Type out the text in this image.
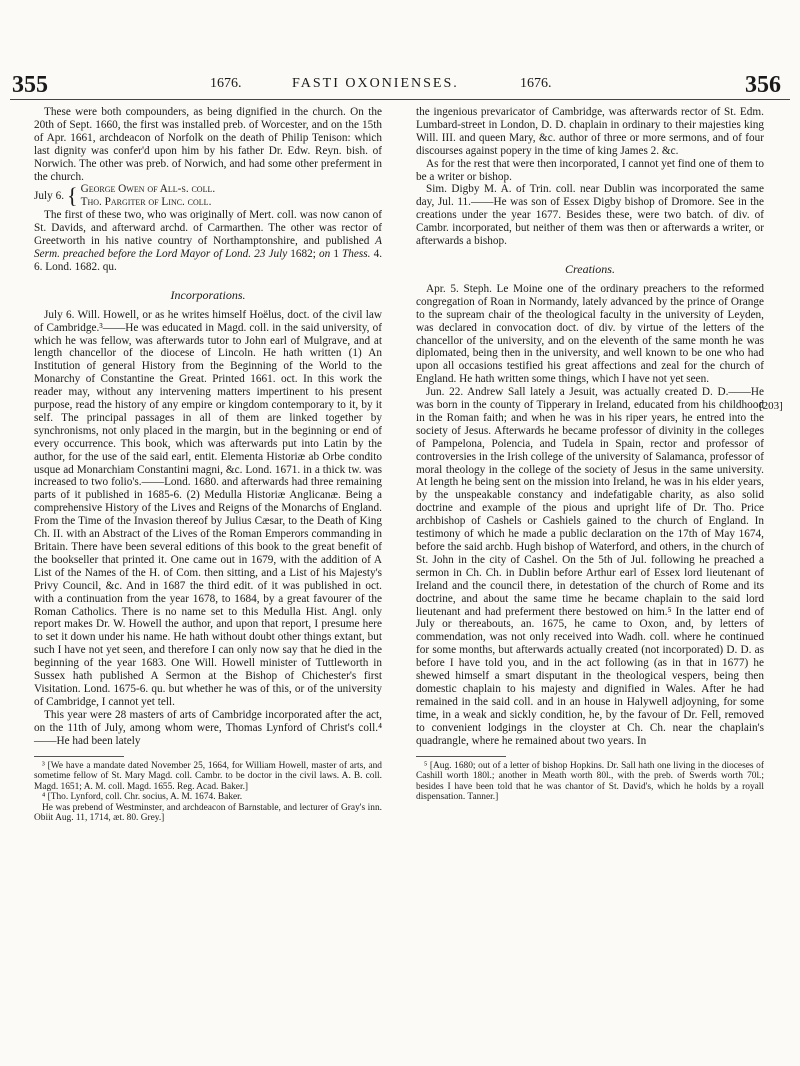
355	1676.	FASTI OXONIENSES.	1676.	356

These were both compounders, as being dignified in the church. On the 20th of Sept. 1660, the first was installed preb. of Worcester, and on the 15th of Apr. 1661, archdeacon of Norfolk on the death of Philip Tenison: which last dignity was confer'd upon him by his father Dr. Edw. Reyn. bish. of Norwich. The other was preb. of Norwich, and had some other preferment in the church.

July 6.	{	George Owen of All-s. coll.
Tho. Pargiter of Linc. coll.

The first of these two, who was originally of Mert. coll. was now canon of St. Davids, and afterward archd. of Carmarthen. The other was rector of Greetworth in his native country of Northamptonshire, and published A Serm. preached before the Lord Mayor of Lond. 23 July 1682; on 1 Thess. 4. 6. Lond. 1682. qu.

Incorporations.

July 6. Will. Howell, or as he writes himself Hoëlus, doct. of the civil law of Cambridge.³——He was educated in Magd. coll. in the said university, of which he was fellow, was afterwards tutor to John earl of Mulgrave, and at length chancellor of the diocese of Lincoln. He hath written (1) An Institution of general History from the Beginning of the World to the Monarchy of Constantine the Great. Printed 1661. oct. In this work the reader may, without any intervening matters impertinent to his present purpose, read the history of any empire or kingdom contemporary to it, by it self. The principal passages in all of them are linked together by synchronisms, not only placed in the margin, but in the beginning or end of every occurrence. This book, which was afterwards put into Latin by the author, for the use of the said earl, entit. Elementa Historiæ ab Orbe condito usque ad Monarchiam Constantini magni, &c. Lond. 1671. in a thick tw. was increased to two folio's.——Lond. 1680. and afterwards had three remaining parts of it published in 1685-6. (2) Medulla Historiæ Anglicanæ. Being a comprehensive History of the Lives and Reigns of the Monarchs of England. From the Time of the Invasion thereof by Julius Cæsar, to the Death of King Ch. II. with an Abstract of the Lives of the Roman Emperors commanding in Britain. There have been several editions of this book to the great benefit of the bookseller that printed it. One came out in 1679, with the addition of A List of the Names of the H. of Com. then sitting, and a List of his Majesty's Privy Council, &c. And in 1687 the third edit. of it was published in oct. with a continuation from the year 1678, to 1684, by a great favourer of the Roman Catholics. There is no name set to this Medulla Hist. Angl. only report makes Dr. W. Howell the author, and upon that report, I presume here to set it down under his name. He hath without doubt other things extant, but such I have not yet seen, and therefore I can only now say that he died in the beginning of the year 1683. One Will. Howell minister of Tuttleworth in Sussex hath published A Sermon at the Bishop of Chichester's first Visitation. Lond. 1675-6. qu. but whether he was of this, or of the university of Cambridge, I cannot yet tell.

This year were 28 masters of arts of Cambridge incorporated after the act, on the 11th of July, among whom were, Thomas Lynford of Christ's coll.⁴——He had been lately

³ [We have a mandate dated November 25, 1664, for William Howell, master of arts, and sometime fellow of St. Mary Magd. coll. Cambr. to be doctor in the civil laws. A. B. coll. Magd. 1651; A. M. coll. Magd. 1655. Reg. Acad. Baker.]

⁴ [Tho. Lynford, coll. Chr. socius, A. M. 1674. Baker.

He was prebend of Westminster, and archdeacon of Barnstable, and lecturer of Gray's inn. Obiit Aug. 11, 1714, æt. 80. Grey.]

the ingenious prevaricator of Cambridge, was afterwards rector of St. Edm. Lumbard-street in London, D. D. chaplain in ordinary to their majesties king Will. III. and queen Mary, &c. author of three or more sermons, and of four discourses against popery in the time of king James 2. &c.

As for the rest that were then incorporated, I cannot yet find one of them to be a writer or bishop.

Sim. Digby M. A. of Trin. coll. near Dublin was incorporated the same day, Jul. 11.——He was son of Essex Digby bishop of Dromore. See in the creations under the year 1677. Besides these, were two batch. of div. of Cambr. incorporated, but neither of them was then or afterwards a writer, or afterwards a bishop.

Creations.

Apr. 5. Steph. Le Moine one of the ordinary preachers to the reformed congregation of Roan in Normandy, lately advanced by the prince of Orange to the supream chair of the theological faculty in the university of Leyden, was declared in convocation doct. of div. by virtue of the letters of the chancellor of the university, and on the eleventh of the same month he was diplomated, being then in the university, and well known to be one who had upon all occasions testified his great affections and zeal for the church of England. He hath written some things, which I have not yet seen.

Jun. 22. Andrew Sall lately a Jesuit, was actually created D. D.——He was born in the county of Tipperary in Ireland, educated from his childhood in the Roman faith; and when he was in his riper years, he entred into the society of Jesus. Afterwards he became professor of divinity in the colleges of Pampelona, Polencia, and Tudela in Spain, rector and professor of controversies in the Irish college of the university of Salamanca, professor of moral theology in the college of the society of Jesus in the same university. At length he being sent on the mission into Ireland, he was in his elder years, by the unspeakable constancy and indefatigable charity, as also solid doctrine and example of the pious and upright life of Dr. Tho. Price archbishop of Cashels or Cashiels gained to the church of England. In testimony of which he made a public declaration on the 17th of May 1674, before the said archb. Hugh bishop of Waterford, and others, in the church of St. John in the city of Cashel. On the 5th of Jul. following he preached a sermon in Ch. Ch. in Dublin before Arthur earl of Essex lord lieutenant of Ireland and the council there, in detestation of the church of Rome and its doctrine, and about the same time he became chaplain to the said lord lieutenant and had preferment there bestowed on him.⁵ In the latter end of July or thereabouts, an. 1675, he came to Oxon, and, by letters of commendation, was not only received into Wadh. coll. where he continued for some months, but afterwards actually created (not incorporated) D. D. as before I have told you, and in the act following (as in that in 1677) he shewed himself a smart disputant in the theological vespers, being then domestic chaplain to his majesty and dignified in Wales. After he had remained in the said coll. and in an house in Halywell adjoyning, for some time, in a weak and sickly condition, he, by the favour of Dr. Fell, removed to convenient lodgings in the cloyster at Ch. Ch. near the chaplain's quadrangle, where he remained about two years. In

⁵ [Aug. 1680; out of a letter of bishop Hopkins. Dr. Sall hath one living in the dioceses of Cashill worth 180l.; another in Meath worth 80l., with the preb. of Swerds worth 70l.; besides I have been told that he was chantor of St. David's, which he holds by a royall dispensation. Tanner.]

[203]
